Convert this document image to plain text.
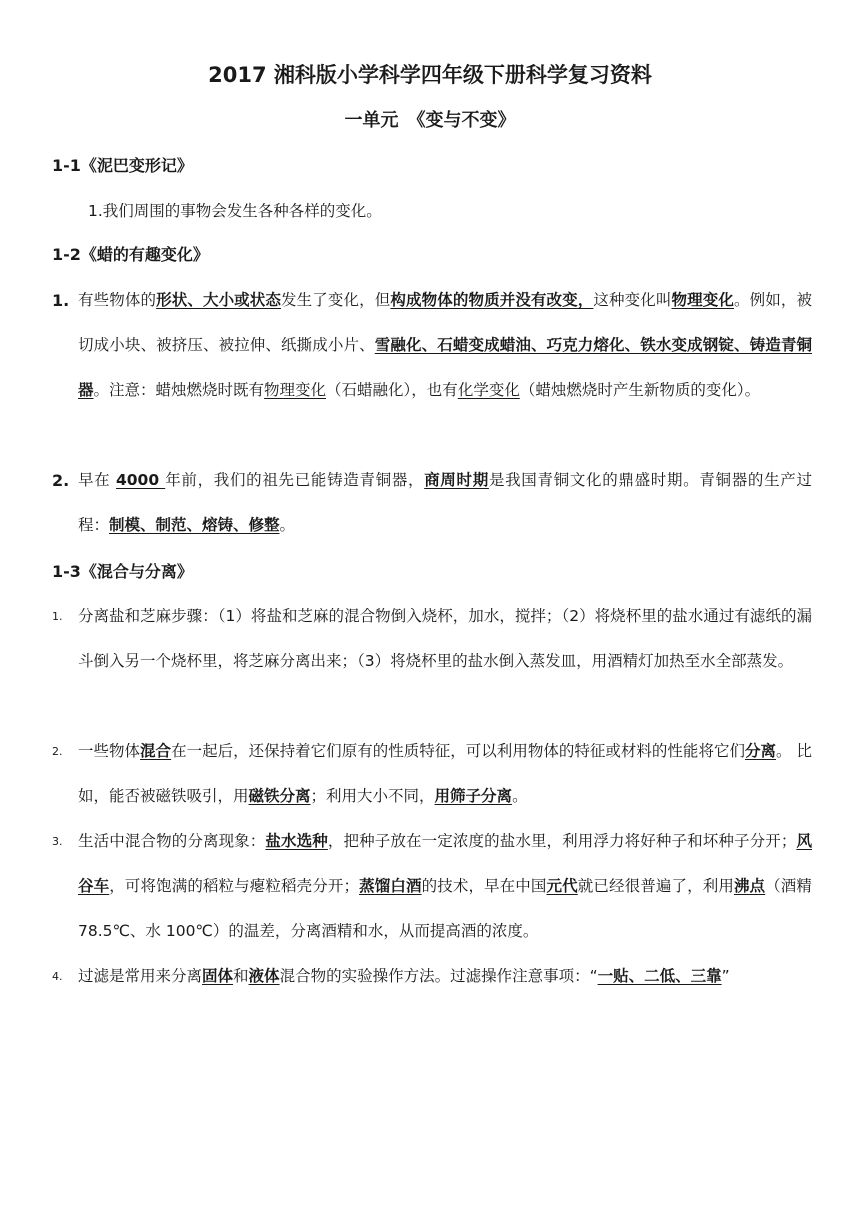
2017 湘科版小学科学四年级下册科学复习资料
一单元　《变与不变》
1-1《泥巴变形记》
1.我们周围的事物会发生各种各样的变化。
1-2《蜡的有趣变化》
1. 有些物体的形状、大小或状态发生了变化，但构成物体的物质并没有改变，这种变化叫物理变化。例如，被切成小块、被挤压、被拉伸、纸撕成小片、雪融化、石蜡变成蜡油、巧克力熔化、铁水变成钢锭、铸造青铜器。注意：蜡烛燃烧时既有物理变化（石蜡融化），也有化学变化（蜡烛燃烧时产生新物质的变化）。
2. 早在 4000 年前，我们的祖先已能铸造青铜器，商周时期是我国青铜文化的鼎盛时期。青铜器的生产过程：制模、制范、熔铸、修整。
1-3《混合与分离》
1. 分离盐和芝麻步骤：（1）将盐和芝麻的混合物倒入烧杯，加水，搅拌；（2）将烧杯里的盐水通过有滤纸的漏斗倒入另一个烧杯里，将芝麻分离出来；（3）将烧杯里的盐水倒入蒸发皿，用酒精灯加热至水全部蒸发。
2. 一些物体混合在一起后，还保持着它们原有的性质特征，可以利用物体的特征或材料的性能将它们分离。 比如，能否被磁铁吸引，用磁铁分离；利用大小不同，用筛子分离。
3. 生活中混合物的分离现象：盐水选种，把种子放在一定浓度的盐水里，利用浮力将好种子和坏种子分开；风谷车，可将饱满的稻粒与瘪粒稻壳分开；蒸馏白酒的技术，早在中国元代就已经很普遍了，利用沸点（酒精 78.5℃、水 100℃）的温差，分离酒精和水，从而提高酒的浓度。
4. 过滤是常用来分离固体和液体混合物的实验操作方法。过滤操作注意事项：“一贴、二低、三靠”
